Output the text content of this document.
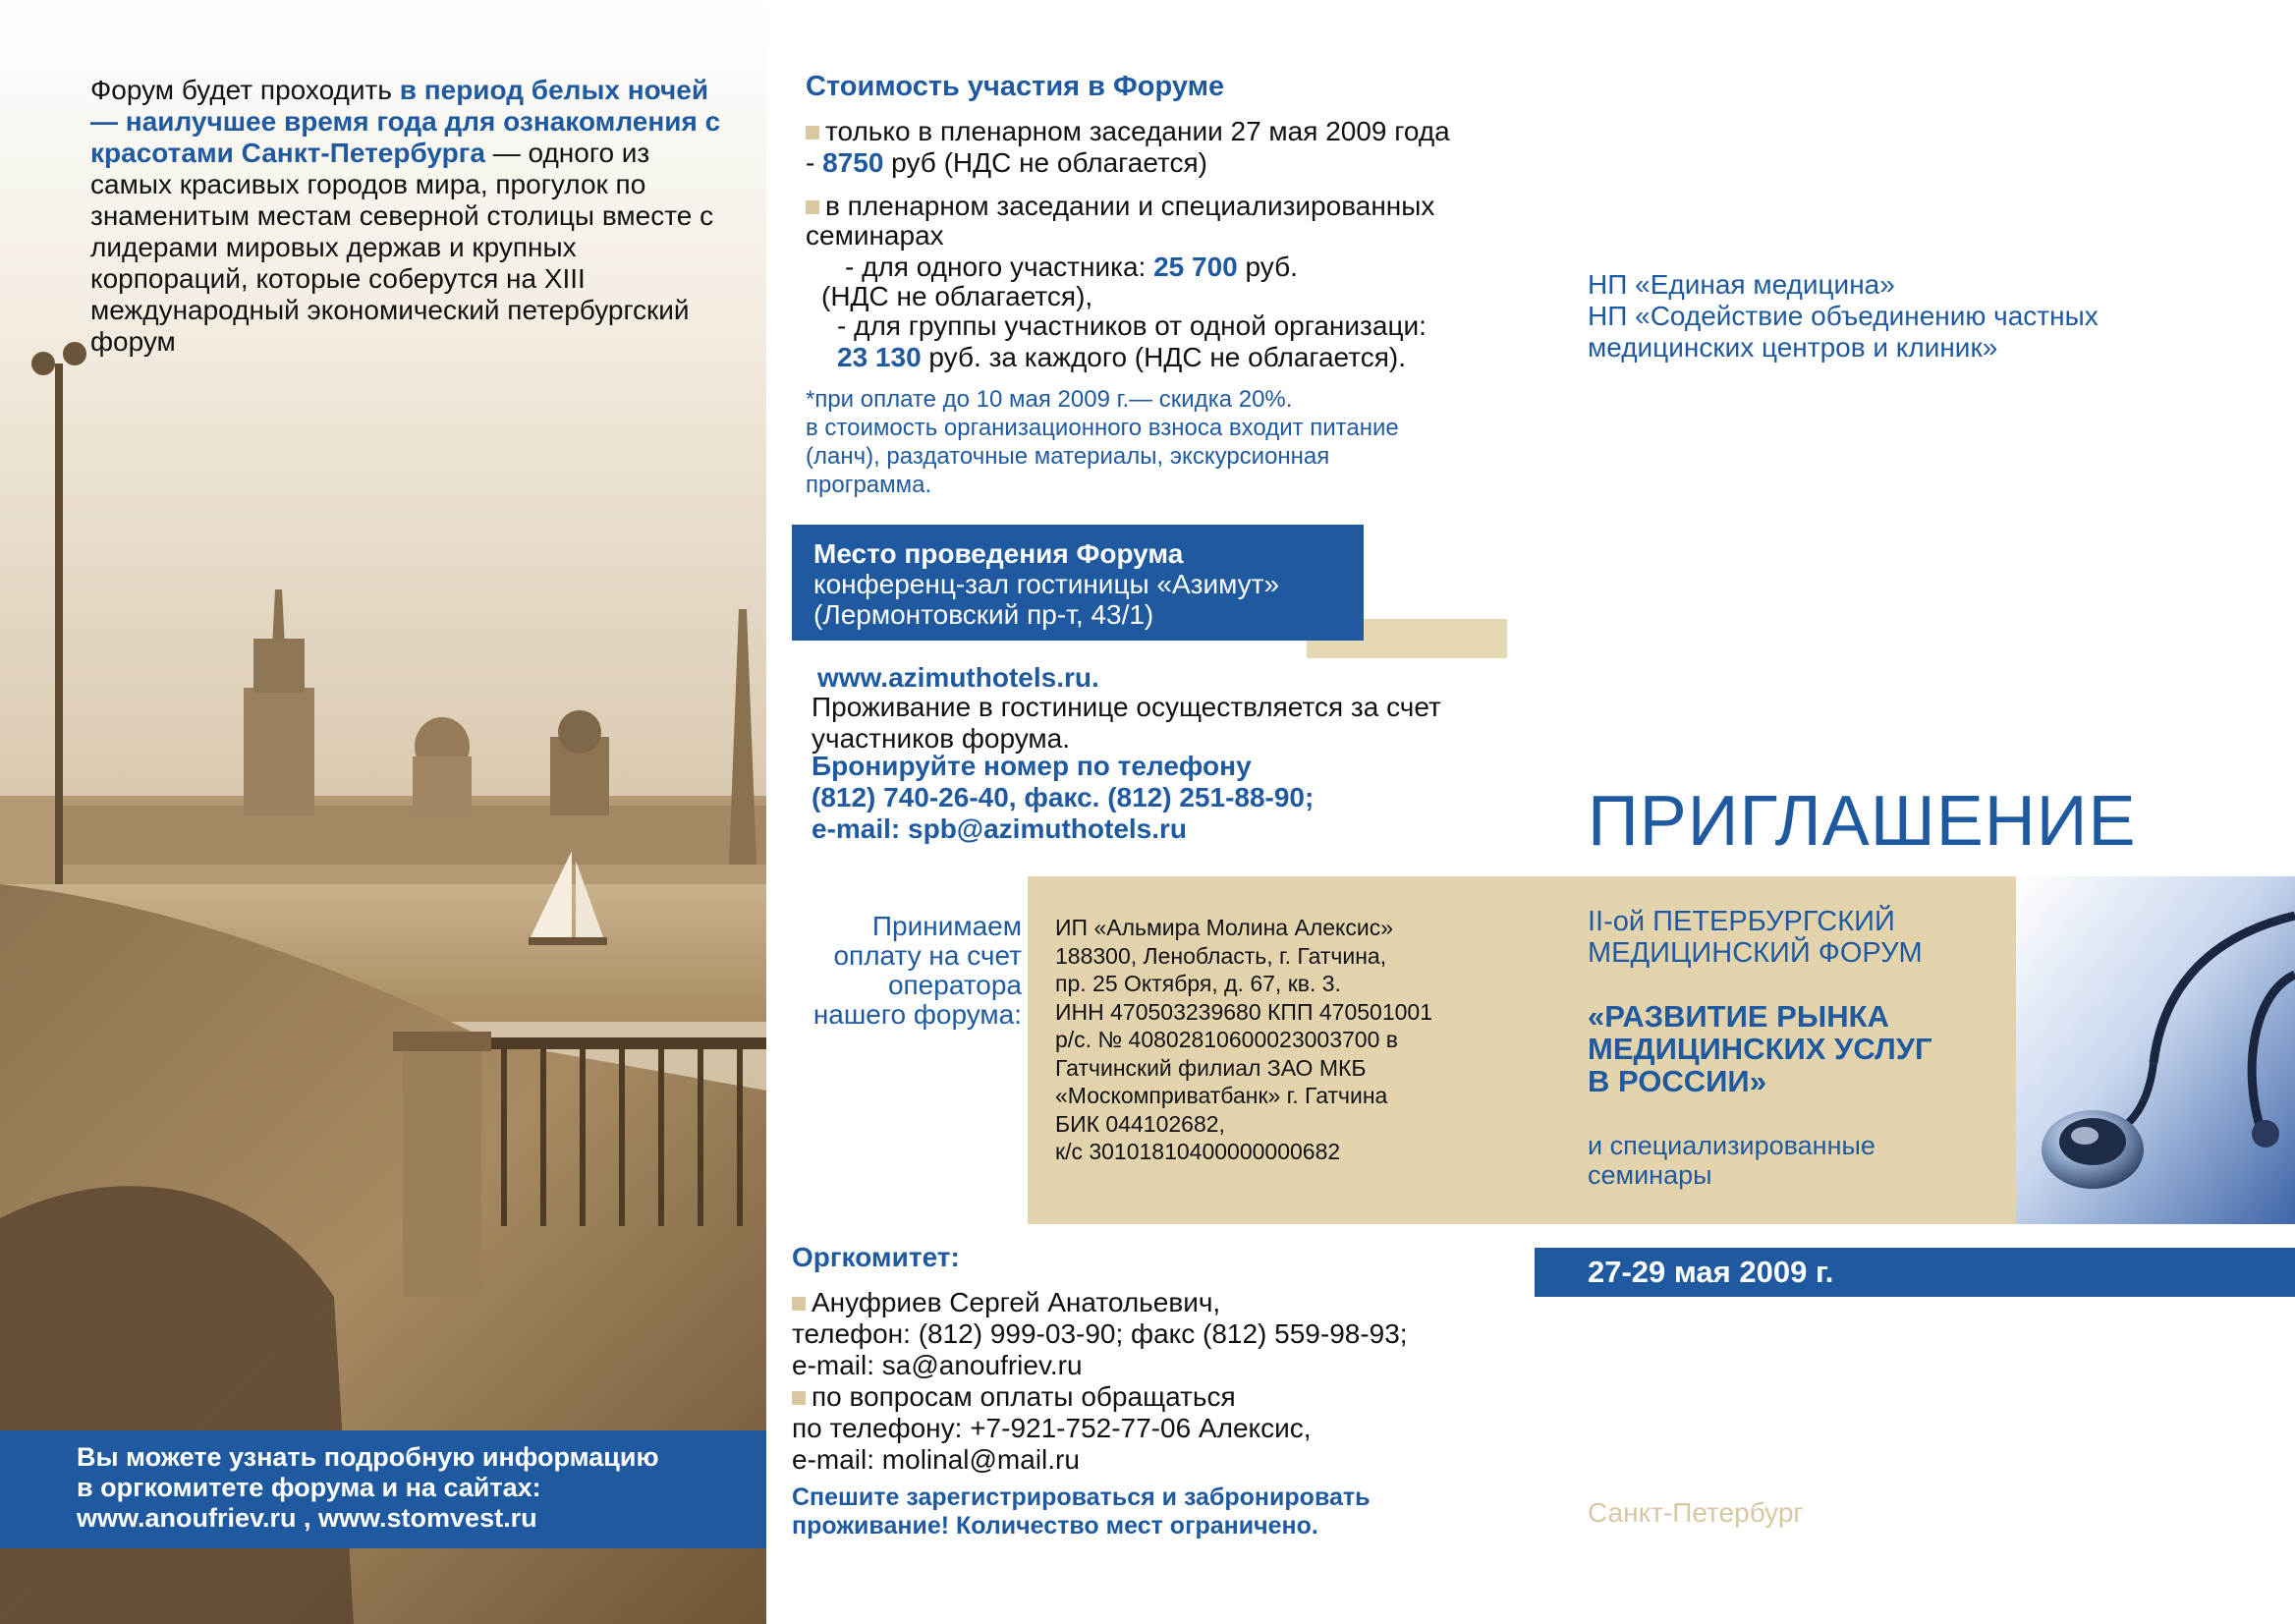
Форум будет проходить в период белых ночей — наилучшее время года для ознакомления с красотами Санкт-Петербурга — одного из самых красивых городов мира, прогулок по знаменитым местам северной столицы вместе с лидерами мировых держав и крупных корпораций, которые соберутся на XIII международный экономический петербургский форум
Вы можете узнать подробную информацию
в оргкомитете форума и на сайтах:
www.anoufriev.ru , www.stomvest.ru
Стоимость участия в Форуме
только в пленарном заседании 27 мая 2009 года
- 8750 руб (НДС не облагается)
в пленарном заседании и специализированных
семинарах
- для одного участника: 25 700 руб.
(НДС не облагается),
- для группы участников от одной организаци:
23 130 руб. за каждого (НДС не облагается).
*при оплате до 10 мая 2009 г.— скидка 20%.
в стоимость организационного взноса входит питание
(ланч), раздаточные материалы, экскурсионная
программа.
Место проведения Форума
конференц-зал гостиницы «Азимут»
(Лермонтовский пр-т, 43/1)
www.azimuthotels.ru.
Проживание в гостинице осуществляется за счет
участников форума.
Бронируйте номер по телефону
(812) 740-26-40, факс. (812) 251-88-90;
e-mail: spb@azimuthotels.ru
Принимаем
оплату на счет
оператора
нашего форума:
ИП «Альмира Молина Алексис»
188300, Ленобласть, г. Гатчина,
пр. 25 Октября, д. 67, кв. 3.
ИНН 470503239680 КПП 470501001
р/с. № 40802810600023003700 в
Гатчинский филиал ЗАО МКБ
«Москомприватбанк» г. Гатчина
БИК 044102682,
к/с 30101810400000000682
Оргкомитет:
Ануфриев Сергей Анатольевич,
телефон: (812) 999-03-90; факс (812) 559-98-93;
e-mail: sa@anoufriev.ru
по вопросам оплаты обращаться
по телефону: +7-921-752-77-06 Алексис,
e-mail: molinal@mail.ru
Спешите зарегистрироваться и забронировать
проживание! Количество мест ограничено.
НП «Единая медицина»
НП «Содействие объединению частных
медицинских центров и клиник»
ПРИГЛАШЕНИЕ
II-ой ПЕТЕРБУРГСКИЙ
МЕДИЦИНСКИЙ ФОРУМ
«РАЗВИТИЕ РЫНКА
МЕДИЦИНСКИХ УСЛУГ
В РОССИИ»
и специализированные
семинары
27-29 мая 2009 г.
Санкт-Петербург
